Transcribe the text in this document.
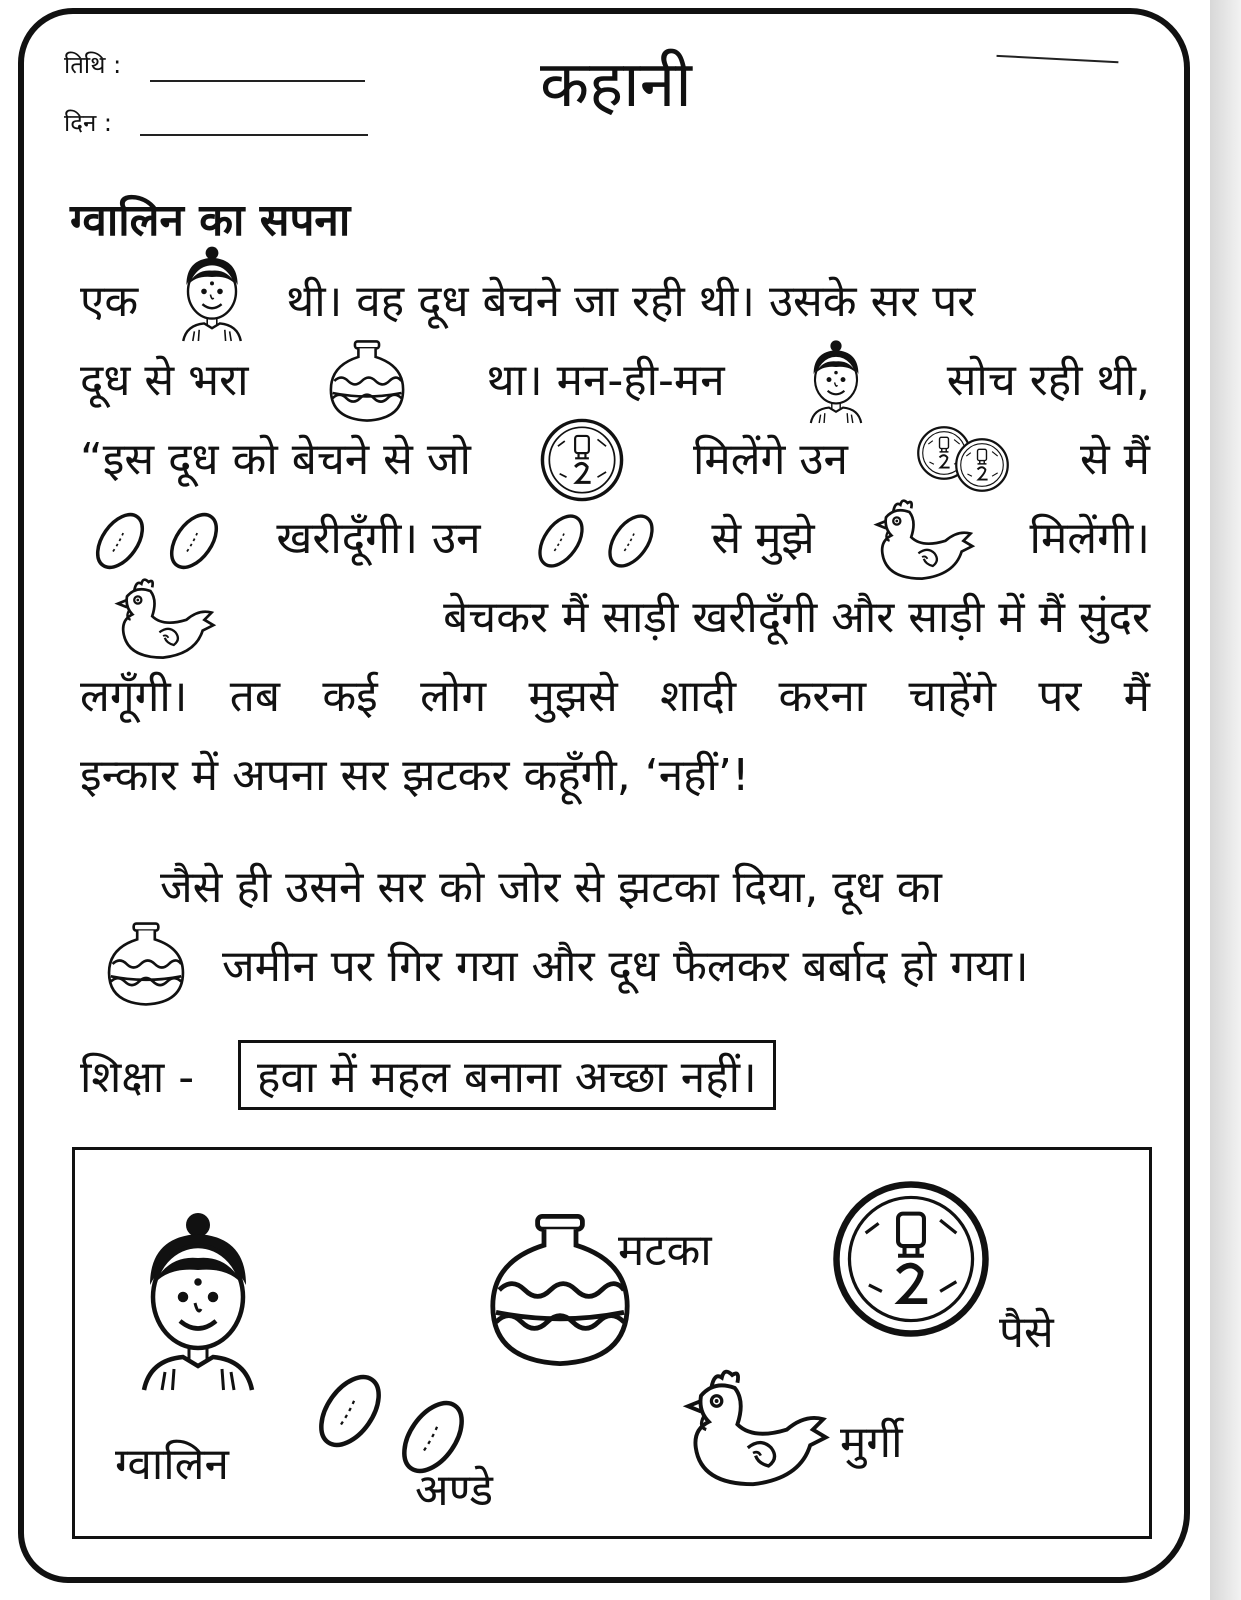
तिथि :
दिन :
कहानी
ग्वालिन का सपना
एक	थी। वह दूध बेचने जा रही थी। उसके सर पर
दूध से भरा	था। मन-ही-मन	सोच रही थी,
“इस दूध को बेचने से जो	मिलेंगे उन	से मैं

खरीदूँगी। उन
	से मुझे	मिलेंगी।
बेचकर मैं साड़ी खरीदूँगी और साड़ी में मैं सुंदर
लगूँगी। तब कई लोग मुझसे शादी करना चाहेंगे पर मैं
इन्कार में अपना सर झटकर कहूँगी, ‘नहीं’!
जैसे ही उसने सर को जोर से झटका दिया, दूध का
जमीन पर गिर गया और दूध फैलकर बर्बाद हो गया।
शिक्षा -	हवा में महल बनाना अच्छा नहीं।
ग्वालिन
अण्डे
मटका
पैसे
मुर्गी
